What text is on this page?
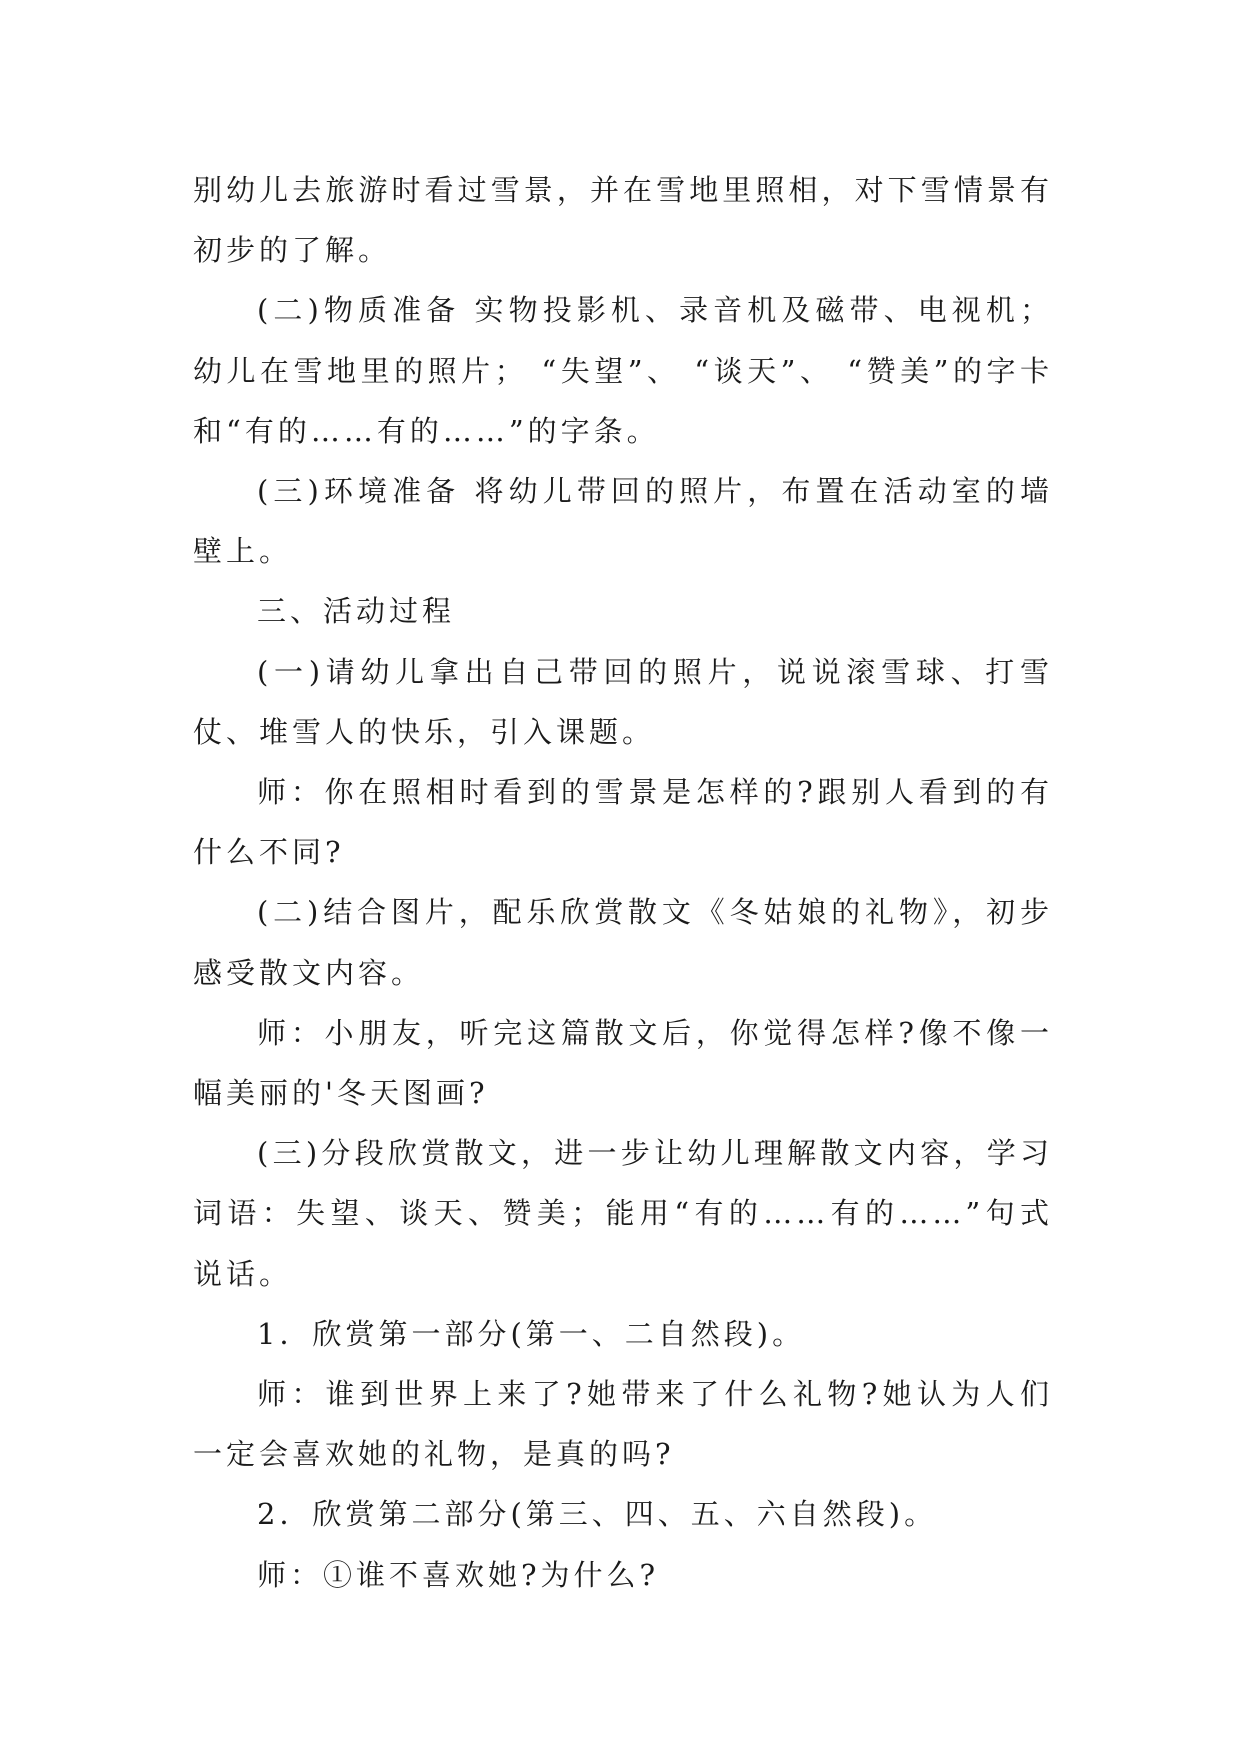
别幼儿去旅游时看过雪景，并在雪地里照相，对下雪情景有初步的了解。

(二)物质准备 实物投影机、录音机及磁带、电视机；幼儿在雪地里的照片； “失望”、 “谈天”、 “赞美”的字卡和“有的……有的……”的字条。

(三)环境准备 将幼儿带回的照片，布置在活动室的墙壁上。

三、活动过程

(一)请幼儿拿出自己带回的照片，说说滚雪球、打雪仗、堆雪人的快乐，引入课题。

师：你在照相时看到的雪景是怎样的?跟别人看到的有什么不同?

(二)结合图片，配乐欣赏散文《冬姑娘的礼物》，初步感受散文内容。

师：小朋友，听完这篇散文后，你觉得怎样?像不像一幅美丽的'冬天图画?

(三)分段欣赏散文，进一步让幼儿理解散文内容，学习词语：失望、谈天、赞美；能用“有的……有的……”句式说话。

1．欣赏第一部分(第一、二自然段)。

师：谁到世界上来了?她带来了什么礼物?她认为人们一定会喜欢她的礼物，是真的吗?

2．欣赏第二部分(第三、四、五、六自然段)。

师：①谁不喜欢她?为什么?
